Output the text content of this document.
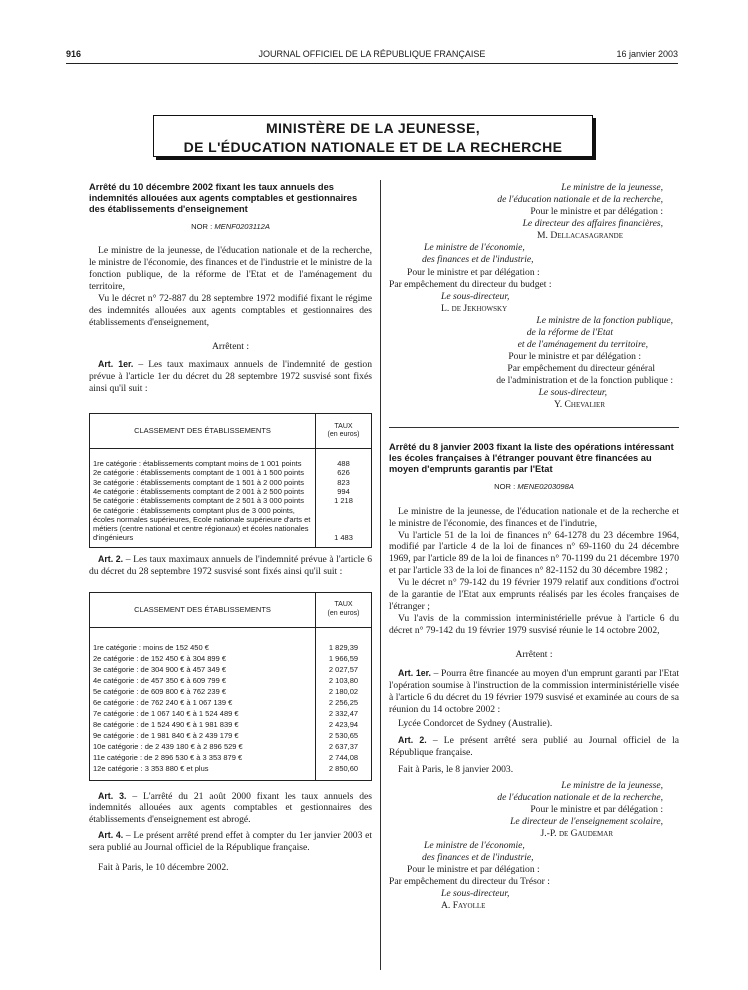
916	JOURNAL OFFICIEL DE LA RÉPUBLIQUE FRANÇAISE	16 janvier 2003
MINISTÈRE DE LA JEUNESSE,
DE L'ÉDUCATION NATIONALE ET DE LA RECHERCHE
Arrêté du 10 décembre 2002 fixant les taux annuels des indemnités allouées aux agents comptables et gestionnaires des établissements d'enseignement
NOR : MENF0203112A

Le ministre de la jeunesse, de l'éducation nationale et de la recherche, le ministre de l'économie, des finances et de l'industrie et le ministre de la fonction publique, de la réforme de l'Etat et de l'aménagement du territoire,

Vu le décret n° 72-887 du 28 septembre 1972 modifié fixant le régime des indemnités allouées aux agents comptables et gestionnaires des établissements d'enseignement,

Arrêtent :

Art. 1er. – Les taux maximaux annuels de l'indemnité de gestion prévue à l'article 1er du décret du 28 septembre 1972 susvisé sont fixés ainsi qu'il suit :

CLASSEMENT DES ÉTABLISSEMENTS	TAUX
(en euros)
1re catégorie : établissements comptant moins de 1 001 points	488
2e catégorie : établissements comptant de 1 001 à 1 500 points	626
3e catégorie : établissements comptant de 1 501 à 2 000 points	823
4e catégorie : établissements comptant de 2 001 à 2 500 points	994
5e catégorie : établissements comptant de 2 501 à 3 000 points	1 218
6e catégorie : établissements comptant plus de 3 000 points, écoles normales supérieures, Ecole nationale supérieure d'arts et métiers (centre national et centre régionaux) et écoles nationales d'ingénieurs	1 483

Art. 2. – Les taux maximaux annuels de l'indemnité prévue à l'article 6 du décret du 28 septembre 1972 susvisé sont fixés ainsi qu'il suit :

CLASSEMENT DES ÉTABLISSEMENTS	TAUX
(en euros)
1re catégorie : moins de 152 450 €	1 829,39
2e catégorie : de 152 450 € à 304 899 €	1 966,59
3e catégorie : de 304 900 € à 457 349 €	2 027,57
4e catégorie : de 457 350 € à 609 799 €	2 103,80
5e catégorie : de 609 800 € à 762 239 €	2 180,02
6e catégorie : de 762 240 € à 1 067 139 €	2 256,25
7e catégorie : de 1 067 140 € à 1 524 489 €	2 332,47
8e catégorie : de 1 524 490 € à 1 981 839 €	2 423,94
9e catégorie : de 1 981 840 € à 2 439 179 €	2 530,65
10e catégorie : de 2 439 180 € à 2 896 529 €	2 637,37
11e catégorie : de 2 896 530 € à 3 353 879 €	2 744,08
12e catégorie : 3 353 880 € et plus	2 850,60

Art. 3. – L'arrêté du 21 août 2000 fixant les taux annuels des indemnités allouées aux agents comptables et gestionnaires des établissements d'enseignement est abrogé.

Art. 4. – Le présent arrêté prend effet à compter du 1er janvier 2003 et sera publié au Journal officiel de la République française.

Fait à Paris, le 10 décembre 2002.

Le ministre de la jeunesse,
de l'éducation nationale et de la recherche,
Pour le ministre et par délégation :
Le directeur des affaires financières,
M. Dellacasagrande
Le ministre de l'économie,
des finances et de l'industrie,
Pour le ministre et par délégation :
Par empêchement du directeur du budget :
Le sous-directeur,
L. de Jekhowsky
Le ministre de la fonction publique,
de la réforme de l'Etat
et de l'aménagement du territoire,
Pour le ministre et par délégation :
Par empêchement du directeur général
de l'administration et de la fonction publique :
Le sous-directeur,
Y. Chevalier
Arrêté du 8 janvier 2003 fixant la liste des opérations intéressant les écoles françaises à l'étranger pouvant être financées au moyen d'emprunts garantis par l'Etat
NOR : MENE0203098A

Le ministre de la jeunesse, de l'éducation nationale et de la recherche et le ministre de l'économie, des finances et de l'indutrie,

Vu l'article 51 de la loi de finances n° 64-1278 du 23 décembre 1964, modifié par l'article 4 de la loi de finances n° 69-1160 du 24 décembre 1969, par l'article 89 de la loi de finances n° 70-1199 du 21 décembre 1970 et par l'article 33 de la loi de finances n° 82-1152 du 30 décembre 1982 ;

Vu le décret n° 79-142 du 19 février 1979 relatif aux conditions d'octroi de la garantie de l'Etat aux emprunts réalisés par les écoles françaises de l'étranger ;

Vu l'avis de la commission interministérielle prévue à l'article 6 du décret n° 79-142 du 19 février 1979 susvisé réunie le 14 octobre 2002,

Arrêtent :

Art. 1er. – Pourra être financée au moyen d'un emprunt garanti par l'Etat l'opération soumise à l'instruction de la commission interministérielle visée à l'article 6 du décret du 19 février 1979 susvisé et examinée au cours de sa réunion du 14 octobre 2002 :

Lycée Condorcet de Sydney (Australie).

Art. 2. – Le présent arrêté sera publié au Journal officiel de la République française.

Fait à Paris, le 8 janvier 2003.

Le ministre de la jeunesse,
de l'éducation nationale et de la recherche,
Pour le ministre et par délégation :
Le directeur de l'enseignement scolaire,
J.-P. de Gaudemar
Le ministre de l'économie,
des finances et de l'industrie,
Pour le ministre et par délégation :
Par empêchement du directeur du Trésor :
Le sous-directeur,
A. Fayolle
